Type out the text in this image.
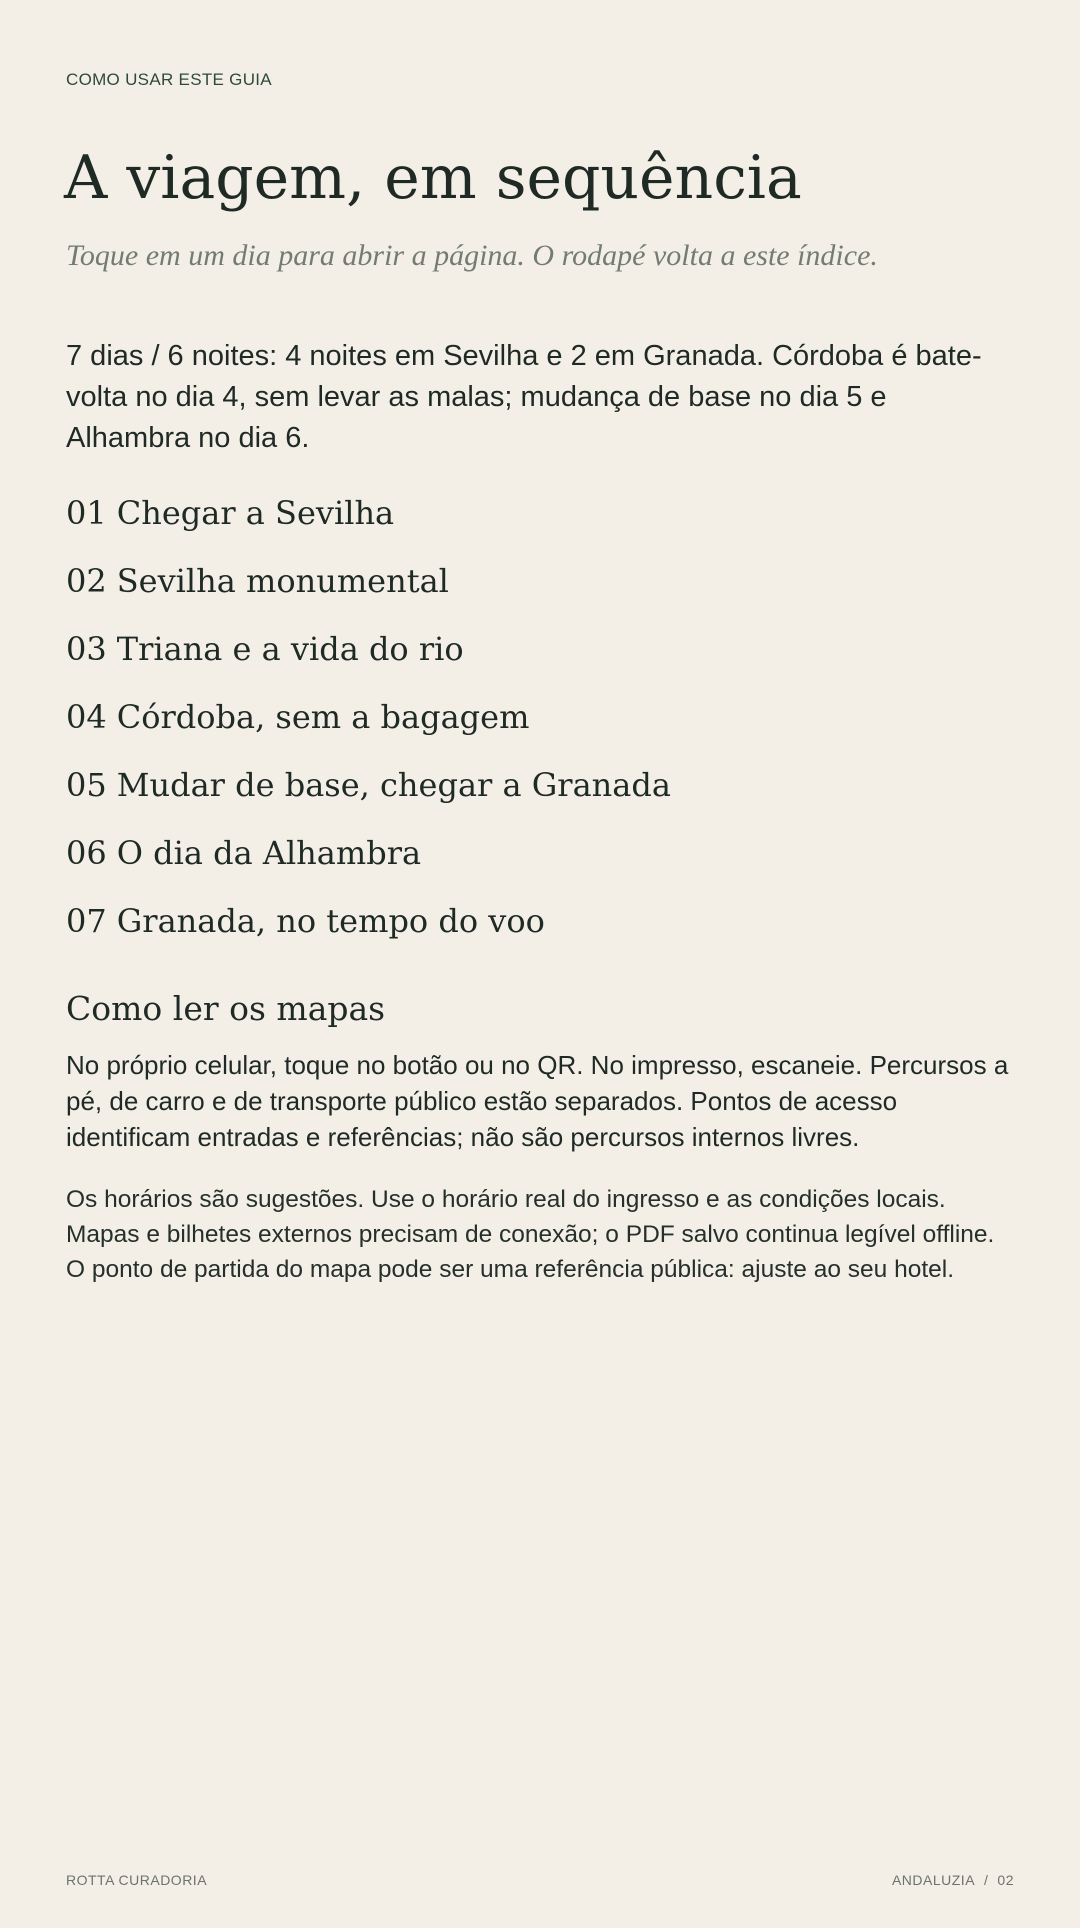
COMO USAR ESTE GUIA
A viagem, em sequência
Toque em um dia para abrir a página. O rodapé volta a este índice.

7 dias / 6 noites: 4 noites em Sevilha e 2 em Granada. Córdoba é bate-volta no dia 4, sem levar as malas; mudança de base no dia 5 e Alhambra no dia 6.

01 Chegar a Sevilha
02 Sevilha monumental
03 Triana e a vida do rio
04 Córdoba, sem a bagagem
05 Mudar de base, chegar a Granada
06 O dia da Alhambra
07 Granada, no tempo do voo
Como ler os mapas

No próprio celular, toque no botão ou no QR. No impresso, escaneie. Percursos a pé, de carro e de transporte público estão separados. Pontos de acesso identificam entradas e referências; não são percursos internos livres.

Os horários são sugestões. Use o horário real do ingresso e as condições locais. Mapas e bilhetes externos precisam de conexão; o PDF salvo continua legível offline. O ponto de partida do mapa pode ser uma referência pública: ajuste ao seu hotel.

ROTTA CURADORIA	ANDALUZIA / 02
